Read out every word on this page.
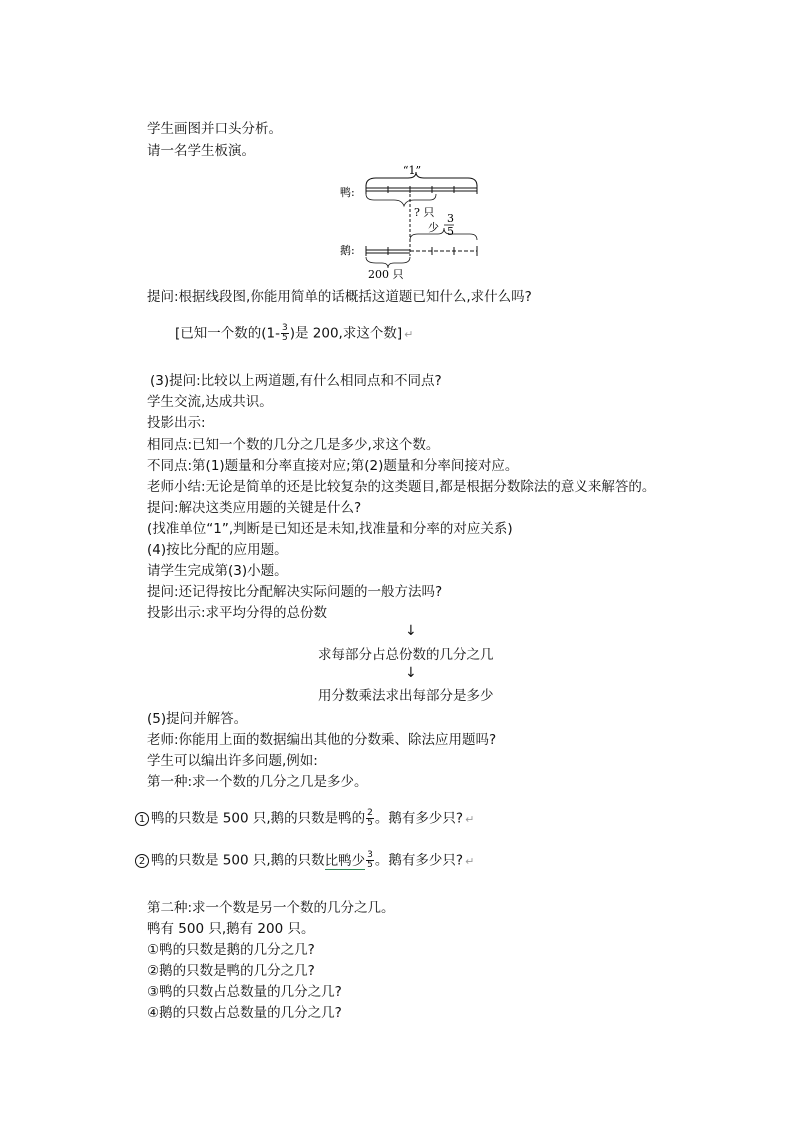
学生画图并口头分析。
请一名学生板演。
“1”
鸭:
? 只
少
3
5
鹅:
200 只
提问:根据线段图,你能用简单的话概括这道题已知什么,求什么吗?
[已知一个数的($1- \frac{3}{5}$ )是 200,求这个数] ↵
(3)提问:比较以上两道题,有什么相同点和不同点?
学生交流,达成共识。
投影出示:
相同点:已知一个数的几分之几是多少,求这个数。
不同点:第(1)题量和分率直接对应;第(2)题量和分率间接对应。
老师小结:无论是简单的还是比较复杂的这类题目,都是根据分数除法的意义来解答的。
提问:解决这类应用题的关键是什么?
(找准单位“1”,判断是已知还是未知,找准量和分率的对应关系)
(4)按比分配的应用题。
请学生完成第(3)小题。
提问:还记得按比分配解决实际问题的一般方法吗?
投影出示:求平均分得的总份数
↓
求每部分占总份数的几分之几
↓
用分数乘法求出每部分是多少
(5)提问并解答。
老师:你能用上面的数据编出其他的分数乘、除法应用题吗?
学生可以编出许多问题,例如:
第一种:求一个数的几分之几是多少。
1 鸭的只数是 500 只,鹅的只数是鸭的 $\frac{2}{5}$ 。鹅有多少只? ↵
2 鸭的只数是 500 只,鹅的只数比鸭少 $\frac{3}{5}$ 。鹅有多少只? ↵
第二种:求一个数是另一个数的几分之几。
鸭有 500 只,鹅有 200 只。
①鸭的只数是鹅的几分之几?
②鹅的只数是鸭的几分之几?
③鸭的只数占总数量的几分之几?
④鹅的只数占总数量的几分之几?
